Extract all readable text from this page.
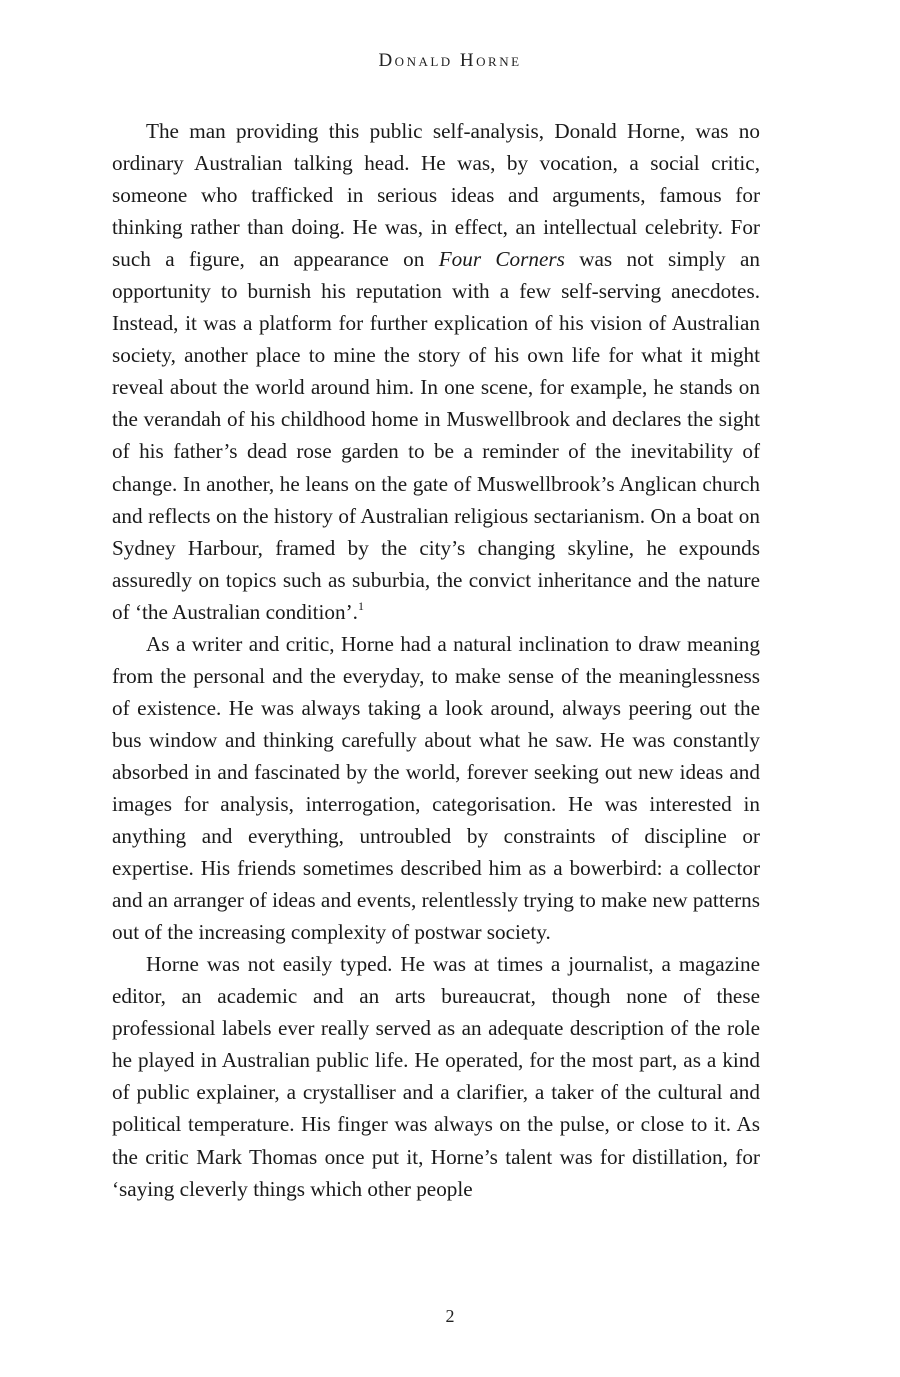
Donald Horne

The man providing this public self-analysis, Donald Horne, was no ordinary Australian talking head. He was, by vocation, a social critic, someone who trafficked in serious ideas and arguments, famous for thinking rather than doing. He was, in effect, an intellectual celebrity. For such a figure, an appearance on Four Corners was not simply an opportunity to burnish his reputation with a few self-serving anecdotes. Instead, it was a platform for further explication of his vision of Australian society, another place to mine the story of his own life for what it might reveal about the world around him. In one scene, for example, he stands on the verandah of his childhood home in Muswellbrook and declares the sight of his father’s dead rose garden to be a reminder of the inevitability of change. In another, he leans on the gate of Muswellbrook’s Anglican church and reflects on the history of Australian religious sectarianism. On a boat on Sydney Harbour, framed by the city’s changing skyline, he expounds assuredly on topics such as suburbia, the convict inheritance and the nature of ‘the Australian condition’.$^1$

As a writer and critic, Horne had a natural inclination to draw meaning from the personal and the everyday, to make sense of the meaninglessness of existence. He was always taking a look around, always peering out the bus window and thinking carefully about what he saw. He was constantly absorbed in and fascinated by the world, forever seeking out new ideas and images for analysis, interrogation, categorisation. He was interested in anything and everything, untroubled by constraints of discipline or expertise. His friends sometimes described him as a bowerbird: a collector and an arranger of ideas and events, relentlessly trying to make new patterns out of the increasing complexity of postwar society.

Horne was not easily typed. He was at times a journalist, a magazine editor, an academic and an arts bureaucrat, though none of these professional labels ever really served as an adequate description of the role he played in Australian public life. He operated, for the most part, as a kind of public explainer, a crystalliser and a clarifier, a taker of the cultural and political temperature. His finger was always on the pulse, or close to it. As the critic Mark Thomas once put it, Horne’s talent was for distillation, for ‘saying cleverly things which other people

2
